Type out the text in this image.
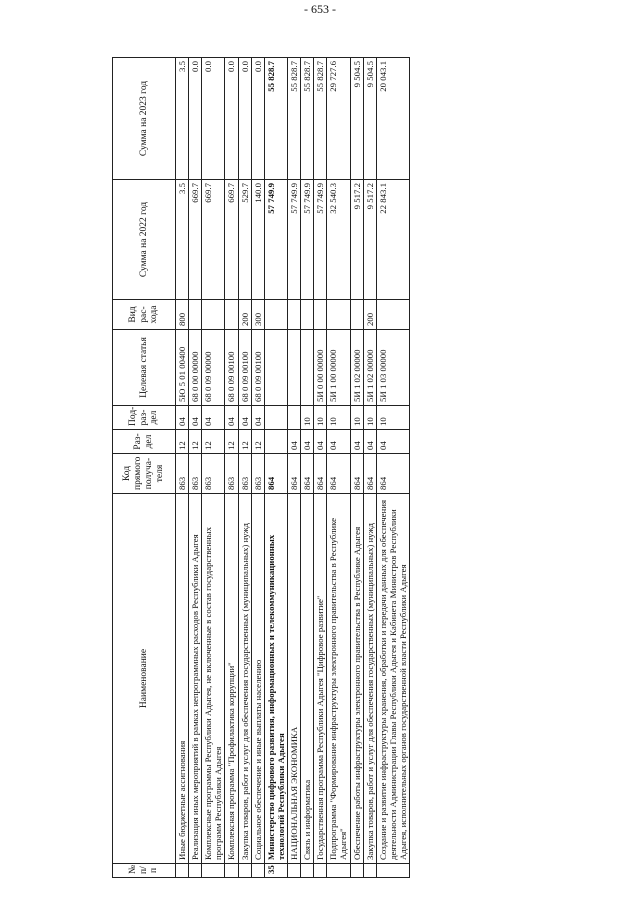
- 653 -
№ п/п	Наименование	Код прямого получа-теля	Раз-дел	Под-раз-дел	Целевая статья	Вид рас-хода	Сумма на 2022 год	Сумма на 2023 год
	Иные бюджетные ассигнования	863	12	04	5Ю 5 01 00400	800	3.5	3.5
	Реализация иных мероприятий в рамках непрограммных расходов Республики Адыгея	863	12	04	68 0 00 00000		669.7	0.0
	Комплексные программы Республики Адыгея, не включенные в состав государственных программ Республики Адыгея	863	12	04	68 0 09 00000		669.7	0.0
	Комплексная программа "Профилактика коррупции"	863	12	04	68 0 09 00100		669.7	0.0
	Закупка товаров, работ и услуг для обеспечения государственных (муниципальных) нужд	863	12	04	68 0 09 00100	200	529.7	0.0
	Социальное обеспечение и иные выплаты населению	863	12	04	68 0 09 00100	300	140.0	0.0
35	Министерство цифрового развития, информационных и телекоммуникационных технологий Республики Адыгея	864					57 749.9	55 828.7
	НАЦИОНАЛЬНАЯ ЭКОНОМИКА	864	04				57 749.9	55 828.7
	Связь и информатика	864	04	10			57 749.9	55 828.7
	Государственная программа Республики Адыгея "Цифровое развитие"	864	04	10	5И 0 00 00000		57 749.9	55 828.7
	Подпрограмма "Формирование инфраструктуры электронного правительства в Республике Адыгея"	864	04	10	5И 1 00 00000		32 540.3	29 727.6
	Обеспечение работы инфраструктуры электронного правительства в Республике Адыгея	864	04	10	5И 1 02 00000		9 517.2	9 504.5
	Закупка товаров, работ и услуг для обеспечения государственных (муниципальных) нужд	864	04	10	5И 1 02 00000	200	9 517.2	9 504.5
	Создание и развитие инфраструктуры хранения, обработки и передачи данных для обеспечения деятельности Администрации Главы Республики Адыгея и Кабинета Министров Республики Адыгея, исполнительных органов государственной власти Республики Адыгея	864	04	10	5И 1 03 00000		22 843.1	20 043.1
